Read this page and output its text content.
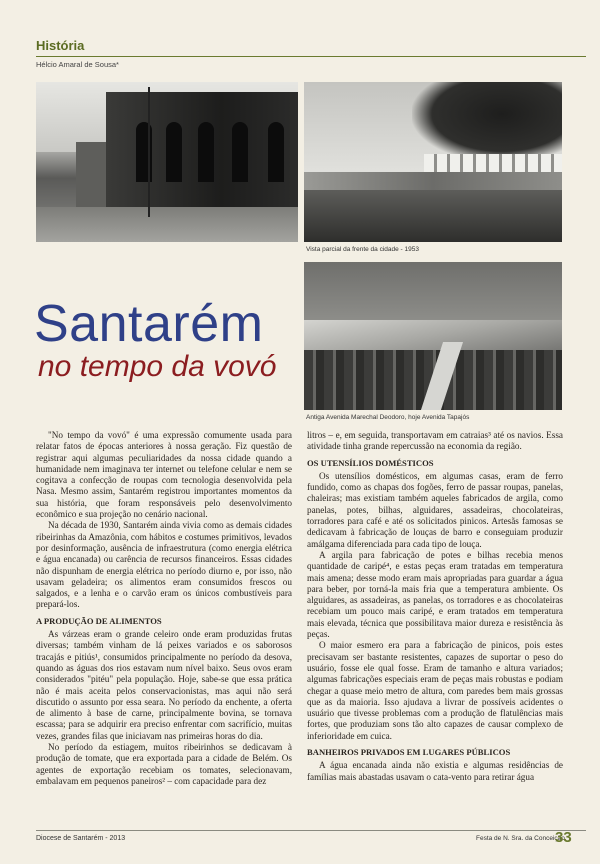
História
Hélcio Amaral de Sousa*
Vista parcial da frente da cidade - 1953
Antiga Avenida Marechal Deodoro, hoje Avenida Tapajós
Santarém
no tempo da vovó

"No tempo da vovó" é uma expressão comumente usada para relatar fatos de épocas anteriores à nossa geração. Fiz questão de registrar aqui algumas peculiaridades da nossa cidade quando a humanidade nem imaginava ter internet ou telefone celular e nem se cogitava a confecção de roupas com tecnologia desenvolvida pela Nasa. Mesmo assim, Santarém registrou importantes momentos da sua história, que foram responsáveis pelo desenvolvimento econômico e sua projeção no cenário nacional.

Na década de 1930, Santarém ainda vivia como as demais cidades ribeirinhas da Amazônia, com hábitos e costumes primitivos, levados por desinformação, ausência de infraestrutura (como energia elétrica e água encanada) ou carência de recursos financeiros. Essas cidades não dispunham de energia elétrica no período diurno e, por isso, não usavam geladeira; os alimentos eram consumidos frescos ou salgados, e a lenha e o carvão eram os únicos combustíveis para prepará-los.

A PRODUÇÃO DE ALIMENTOS

As várzeas eram o grande celeiro onde eram produzidas frutas diversas; também vinham de lá peixes variados e os saborosos tracajás e pitiús¹, consumidos principalmente no período da desova, quando as águas dos rios estavam num nível baixo. Seus ovos eram considerados "pitéu" pela população. Hoje, sabe-se que essa prática não é mais aceita pelos conservacionistas, mas aqui não será discutido o assunto por essa seara. No período da enchente, a oferta de alimento à base de carne, principalmente bovina, se tornava escassa; para se adquirir era preciso enfrentar com sacrifício, muitas vezes, grandes filas que iniciavam nas primeiras horas do dia.

No período da estiagem, muitos ribeirinhos se dedicavam à produção de tomate, que era exportada para a cidade de Belém. Os agentes de exportação recebiam os tomates, selecionavam, embalavam em pequenos paneiros² – com capacidade para dez

litros – e, em seguida, transportavam em catraias³ até os navios. Essa atividade tinha grande repercussão na economia da região.

OS UTENSÍLIOS DOMÉSTICOS

Os utensílios domésticos, em algumas casas, eram de ferro fundido, como as chapas dos fogões, ferro de passar roupas, panelas, chaleiras; mas existiam também aqueles fabricados de argila, como panelas, potes, bilhas, alguidares, assadeiras, chocolateiras, torradores para café e até os solicitados pinicos. Artesãs famosas se dedicavam à fabricação de louças de barro e conseguiam produzir amálgama diferenciada para cada tipo de louça.

A argila para fabricação de potes e bilhas recebia menos quantidade de caripé⁴, e estas peças eram tratadas em temperatura mais amena; desse modo eram mais apropriadas para guardar a água para beber, por torná-la mais fria que a temperatura ambiente. Os alguidares, as assadeiras, as panelas, os torradores e as chocolateiras recebiam um pouco mais caripé, e eram tratados em temperatura mais elevada, técnica que possibilitava maior dureza e resistência às peças.

O maior esmero era para a fabricação de pinicos, pois estes precisavam ser bastante resistentes, capazes de suportar o peso do usuário, fosse ele qual fosse. Eram de tamanho e altura variados; algumas fabricações especiais eram de peças mais robustas e podiam chegar a quase meio metro de altura, com paredes bem mais grossas que as da maioria. Isso ajudava a livrar de possíveis acidentes o usuário que tivesse problemas com a produção de flatulências mais fortes, que produziam sons tão alto capazes de causar complexo de inferioridade em cuica.

BANHEIROS PRIVADOS EM LUGARES PÚBLICOS

A água encanada ainda não existia e algumas residências de famílias mais abastadas usavam o cata-vento para retirar água

Diocese de Santarém - 2013	Festa de N. Sra. da Conceição
33
